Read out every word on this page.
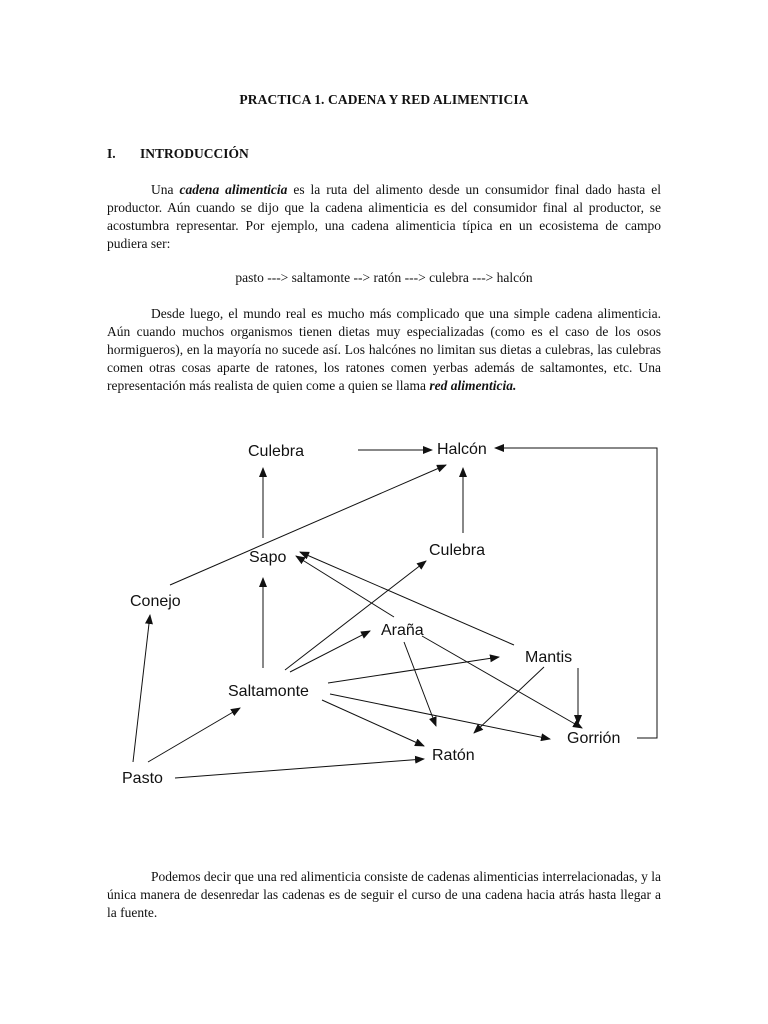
PRACTICA 1. CADENA Y RED ALIMENTICIA
I. INTRODUCCIÓN

Una cadena alimenticia es la ruta del alimento desde un consumidor final dado hasta el productor. Aún cuando se dijo que la cadena alimenticia es del consumidor final al productor, se acostumbra representar. Por ejemplo, una cadena alimenticia típica en un ecosistema de campo pudiera ser:

pasto ---> saltamonte --> ratón ---> culebra ---> halcón

Desde luego, el mundo real es mucho más complicado que una simple cadena alimenticia. Aún cuando muchos organismos tienen dietas muy especializadas (como es el caso de los osos hormigueros), en la mayoría no sucede así. Los halcónes no limitan sus dietas a culebras, las culebras comen otras cosas aparte de ratones, los ratones comen yerbas además de saltamontes, etc. Una representación más realista de quien come a quien se llama red alimenticia.

Culebra	Halcón
Sapo	Culebra
Conejo
Araña
Mantis
Saltamonte
Gorrión
Ratón
Pasto

Podemos decir que una red alimenticia consiste de cadenas alimenticias interrelacionadas, y la única manera de desenredar las cadenas es de seguir el curso de una cadena hacia atrás hasta llegar a la fuente.
